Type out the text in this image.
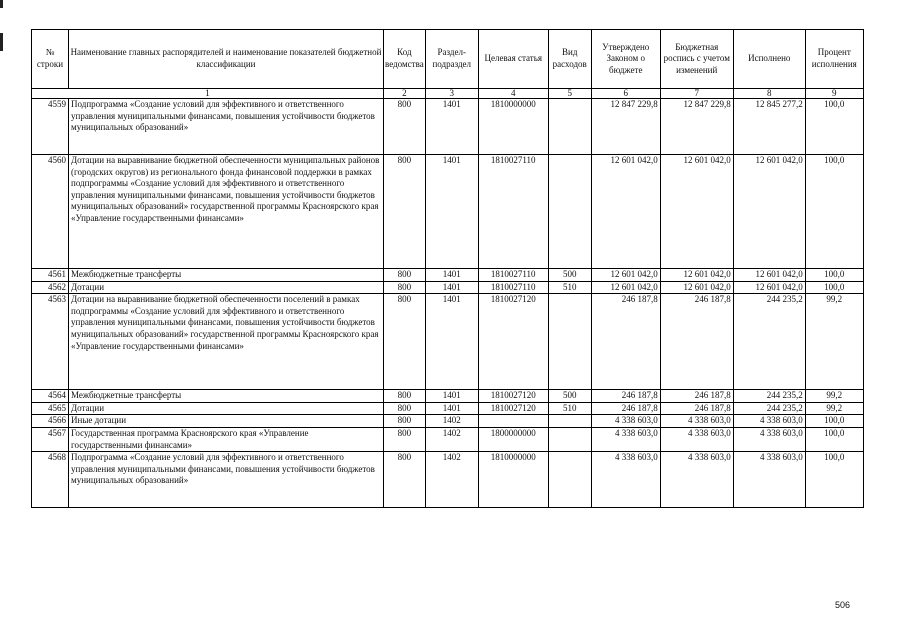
№ строки	Наименование главных распорядителей и наименование показателей бюджетной классификации	Код ведомства	Раздел-подраздел	Целевая статья	Вид расходов	Утверждено Законом о бюджете	Бюджетная роспись с учетом изменений	Исполнено	Процент исполнения
1		2	3	4	5	6	7	8	9
4559	Подпрограмма «Создание условий для эффективного и ответственного управления муниципальными финансами, повышения устойчивости бюджетов муниципальных образований»	800	1401	1810000000		12 847 229,8	12 847 229,8	12 845 277,2	100,0
4560	Дотации на выравнивание бюджетной обеспеченности муниципальных районов (городских округов) из регионального фонда финансовой поддержки в рамках подпрограммы «Создание условий для эффективного и ответственного управления муниципальными финансами, повышения устойчивости бюджетов муниципальных образований» государственной программы Красноярского края «Управление государственными финансами»	800	1401	1810027110		12 601 042,0	12 601 042,0	12 601 042,0	100,0
4561	Межбюджетные трансферты	800	1401	1810027110	500	12 601 042,0	12 601 042,0	12 601 042,0	100,0
4562	Дотации	800	1401	1810027110	510	12 601 042,0	12 601 042,0	12 601 042,0	100,0
4563	Дотации на выравнивание бюджетной обеспеченности поселений в рамках подпрограммы «Создание условий для эффективного и ответственного управления муниципальными финансами, повышения устойчивости бюджетов муниципальных образований» государственной программы Красноярского края «Управление государственными финансами»	800	1401	1810027120		246 187,8	246 187,8	244 235,2	99,2
4564	Межбюджетные трансферты	800	1401	1810027120	500	246 187,8	246 187,8	244 235,2	99,2
4565	Дотации	800	1401	1810027120	510	246 187,8	246 187,8	244 235,2	99,2
4566	Иные дотации	800	1402			4 338 603,0	4 338 603,0	4 338 603,0	100,0
4567	Государственная программа Красноярского края «Управление государственными финансами»	800	1402	1800000000		4 338 603,0	4 338 603,0	4 338 603,0	100,0
4568	Подпрограмма «Создание условий для эффективного и ответственного управления муниципальными финансами, повышения устойчивости бюджетов муниципальных образований»	800	1402	1810000000		4 338 603,0	4 338 603,0	4 338 603,0	100,0
506
